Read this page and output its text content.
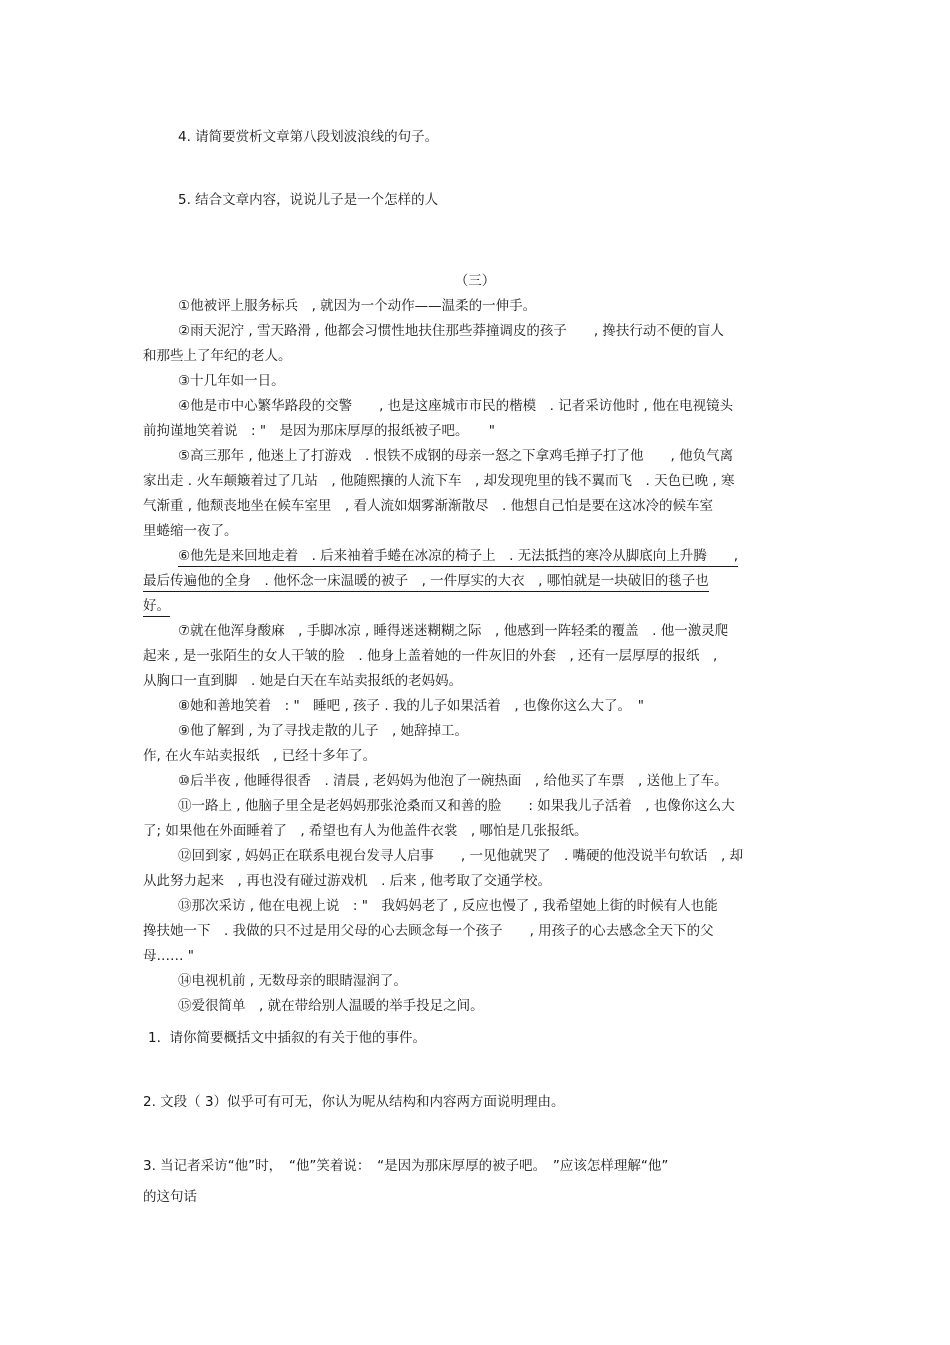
4. 请简要赏析文章第八段划波浪线的句子。
5. 结合文章内容，说说儿子是一个怎样的人
（三）
①他被评上服务标兵　, 就因为一个动作——温柔的一伸手。
②雨天泥泞 , 雪天路滑 , 他都会习惯性地扶住那些莽撞调皮的孩子　　, 搀扶行动不便的盲人
和那些上了年纪的老人。
③十几年如一日。
④他是市中心繁华路段的交警　　, 也是这座城市市民的楷模　. 记者采访他时 , 他在电视镜头
前拘谨地笑着说　: "　是因为那床厚厚的报纸被子吧。　　"
⑤高三那年 , 他迷上了打游戏　. 恨铁不成钢的母亲一怒之下拿鸡毛掸子打了他　　, 他负气离
家出走 . 火车颠簸着过了几站　, 他随熙攘的人流下车　, 却发现兜里的钱不翼而飞　. 天色已晚 , 寒
气渐重 , 他颓丧地坐在候车室里　, 看人流如烟雾渐渐散尽　. 他想自己怕是要在这冰冷的候车室
里蜷缩一夜了。
⑥他先是来回地走着　. 后来袖着手蜷在冰凉的椅子上　. 无法抵挡的寒冷从脚底向上升腾　　,
最后传遍他的全身　. 他怀念一床温暖的被子　, 一件厚实的大衣　, 哪怕就是一块破旧的毯子也
好。
⑦就在他浑身酸麻　, 手脚冰凉 , 睡得迷迷糊糊之际　, 他感到一阵轻柔的覆盖　. 他一激灵爬
起来 , 是一张陌生的女人干皱的脸　. 他身上盖着她的一件灰旧的外套　, 还有一层厚厚的报纸　,
从胸口一直到脚　. 她是白天在车站卖报纸的老妈妈。
⑧她和善地笑着　: "　睡吧 , 孩子 . 我的儿子如果活着　, 也像你这么大了。　"
⑨他了解到 , 为了寻找走散的儿子　, 她辞掉工。
作, 在火车站卖报纸　, 已经十多年了。
⑩后半夜 , 他睡得很香　. 清晨 , 老妈妈为他泡了一碗热面　, 给他买了车票　, 送他上了车。
⑪一路上 , 他脑子里全是老妈妈那张沧桑而又和善的脸　　: 如果我儿子活着　, 也像你这么大
了; 如果他在外面睡着了　, 希望也有人为他盖件衣裳　, 哪怕是几张报纸。
⑫回到家 , 妈妈正在联系电视台发寻人启事　　, 一见他就哭了　. 嘴硬的他没说半句软话　, 却
从此努力起来　, 再也没有碰过游戏机　. 后来 , 他考取了交通学校。
⑬那次采访 , 他在电视上说　: "　我妈妈老了 , 反应也慢了 , 我希望她上街的时候有人也能
搀扶她一下　. 我做的只不过是用父母的心去顾念每一个孩子　　, 用孩子的心去感念全天下的父
母…… "
⑭电视机前 , 无数母亲的眼睛湿润了。
⑮爱很简单　, 就在带给别人温暖的举手投足之间。
1.  请你简要概括文中插叙的有关于他的事件。
2. 文段（ 3）似乎可有可无，你认为呢从结构和内容两方面说明理由。
3. 当记者采访“他”时，　“他”笑着说：　“是因为那床厚厚的被子吧。　”应该怎样理解“他”
的这句话
